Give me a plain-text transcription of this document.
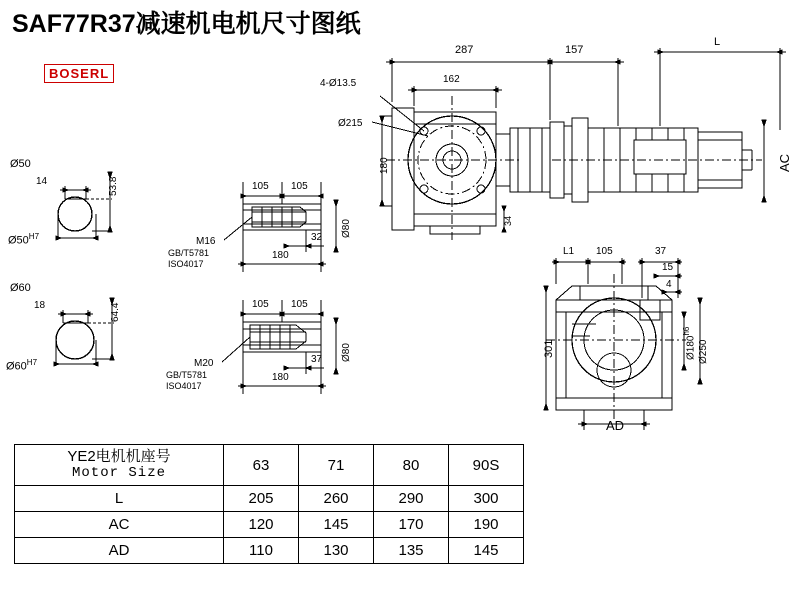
SAF77R37减速机电机尺寸图纸
BOSERL
Ø50
14	53.8
$Ø50^{H7}$
Ø60
18	64.4
$Ø60^{H7}$
105 105
32
180
M16
GB/T5781
ISO4017
Ø80
105 105
37
180
M20
GB/T5781
ISO4017
Ø80
287
162
157
L
4-Ø13.5
Ø215
180
34
AC
L1 105	37
15
4
301	$Ø180^{h6}$
Ø250
AD
YE2电机机座号
Motor Size	63	71	80	90S
L	205	260	290	300
AC	120	145	170	190
AD	110	130	135	145
